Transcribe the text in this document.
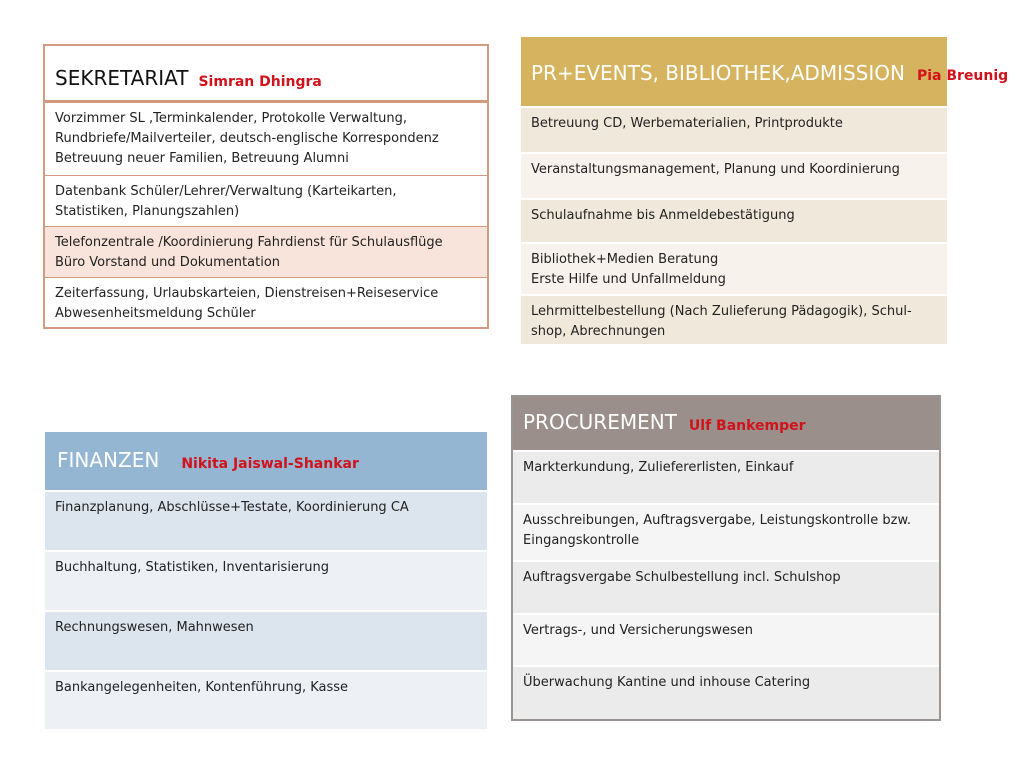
SEKRETARIAT Simran Dhingra
Vorzimmer SL ,Terminkalender, Protokolle Verwaltung,
Rundbriefe/Mailverteiler, deutsch-englische Korrespondenz
Betreuung neuer Familien, Betreuung Alumni
Datenbank Schüler/Lehrer/Verwaltung (Karteikarten,
Statistiken, Planungszahlen)
Telefonzentrale /Koordinierung Fahrdienst für Schulausflüge
Büro Vorstand und Dokumentation
Zeiterfassung, Urlaubskarteien, Dienstreisen+Reiseservice
Abwesenheitsmeldung Schüler
PR+EVENTS, BIBLIOTHEK, ADMISSION Pia Breunig
Betreuung CD, Werbematerialien, Printprodukte
Veranstaltungsmanagement, Planung und Koordinierung
Schulaufnahme bis Anmeldebestätigung
Bibliothek+Medien Beratung
Erste Hilfe und Unfallmeldung
Lehrmittelbestellung (Nach Zulieferung Pädagogik), Schul-
shop, Abrechnungen
FINANZEN Nikita Jaiswal-Shankar
Finanzplanung, Abschlüsse+Testate, Koordinierung CA
Buchhaltung, Statistiken, Inventarisierung
Rechnungswesen, Mahnwesen
Bankangelegenheiten, Kontenführung, Kasse
PROCUREMENT Ulf Bankemper
Markterkundung, Zuliefererlisten, Einkauf
Ausschreibungen, Auftragsvergabe, Leistungskontrolle bzw.
Eingangskontrolle
Auftragsvergabe Schulbestellung incl. Schulshop
Vertrags-, und Versicherungswesen
Überwachung Kantine und inhouse Catering
